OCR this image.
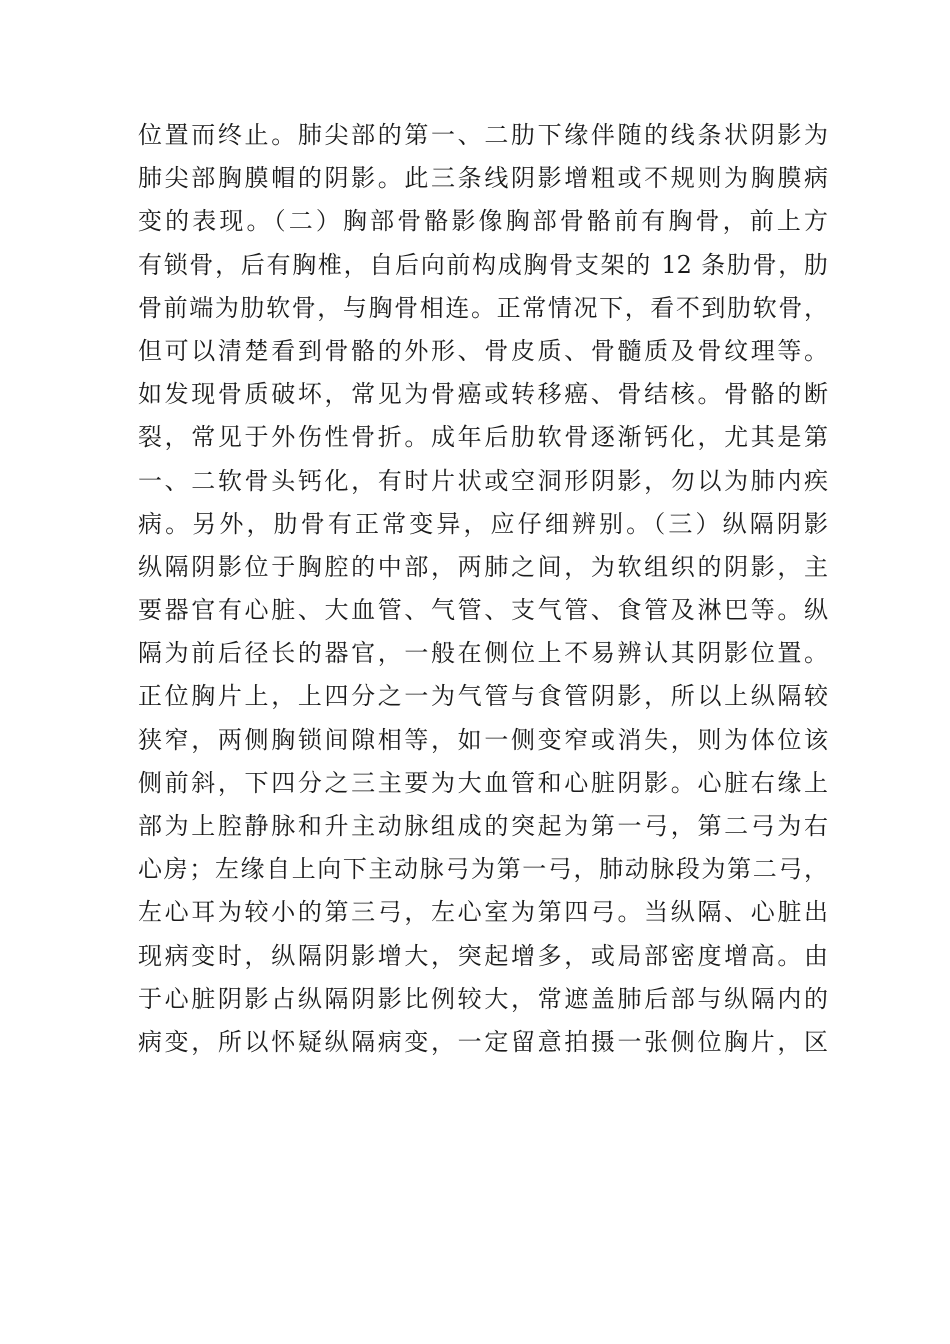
位置而终止。肺尖部的第一、二肋下缘伴随的线条状阴影为
肺尖部胸膜帽的阴影。此三条线阴影增粗或不规则为胸膜病
变的表现。（二）胸部骨骼影像胸部骨骼前有胸骨，前上方
有锁骨，后有胸椎，自后向前构成胸骨支架的 12 条肋骨，肋
骨前端为肋软骨，与胸骨相连。正常情况下，看不到肋软骨，
但可以清楚看到骨骼的外形、骨皮质、骨髓质及骨纹理等。
如发现骨质破坏，常见为骨癌或转移癌、骨结核。骨骼的断
裂，常见于外伤性骨折。成年后肋软骨逐渐钙化，尤其是第
一、二软骨头钙化，有时片状或空洞形阴影，勿以为肺内疾
病。另外，肋骨有正常变异，应仔细辨别。（三）纵隔阴影
纵隔阴影位于胸腔的中部，两肺之间，为软组织的阴影，主
要器官有心脏、大血管、气管、支气管、食管及淋巴等。纵
隔为前后径长的器官，一般在侧位上不易辨认其阴影位置。
正位胸片上，上四分之一为气管与食管阴影，所以上纵隔较
狭窄，两侧胸锁间隙相等，如一侧变窄或消失，则为体位该
侧前斜，下四分之三主要为大血管和心脏阴影。心脏右缘上
部为上腔静脉和升主动脉组成的突起为第一弓，第二弓为右
心房；左缘自上向下主动脉弓为第一弓，肺动脉段为第二弓，
左心耳为较小的第三弓，左心室为第四弓。当纵隔、心脏出
现病变时，纵隔阴影增大，突起增多，或局部密度增高。由
于心脏阴影占纵隔阴影比例较大，常遮盖肺后部与纵隔内的
病变，所以怀疑纵隔病变，一定留意拍摄一张侧位胸片，区
